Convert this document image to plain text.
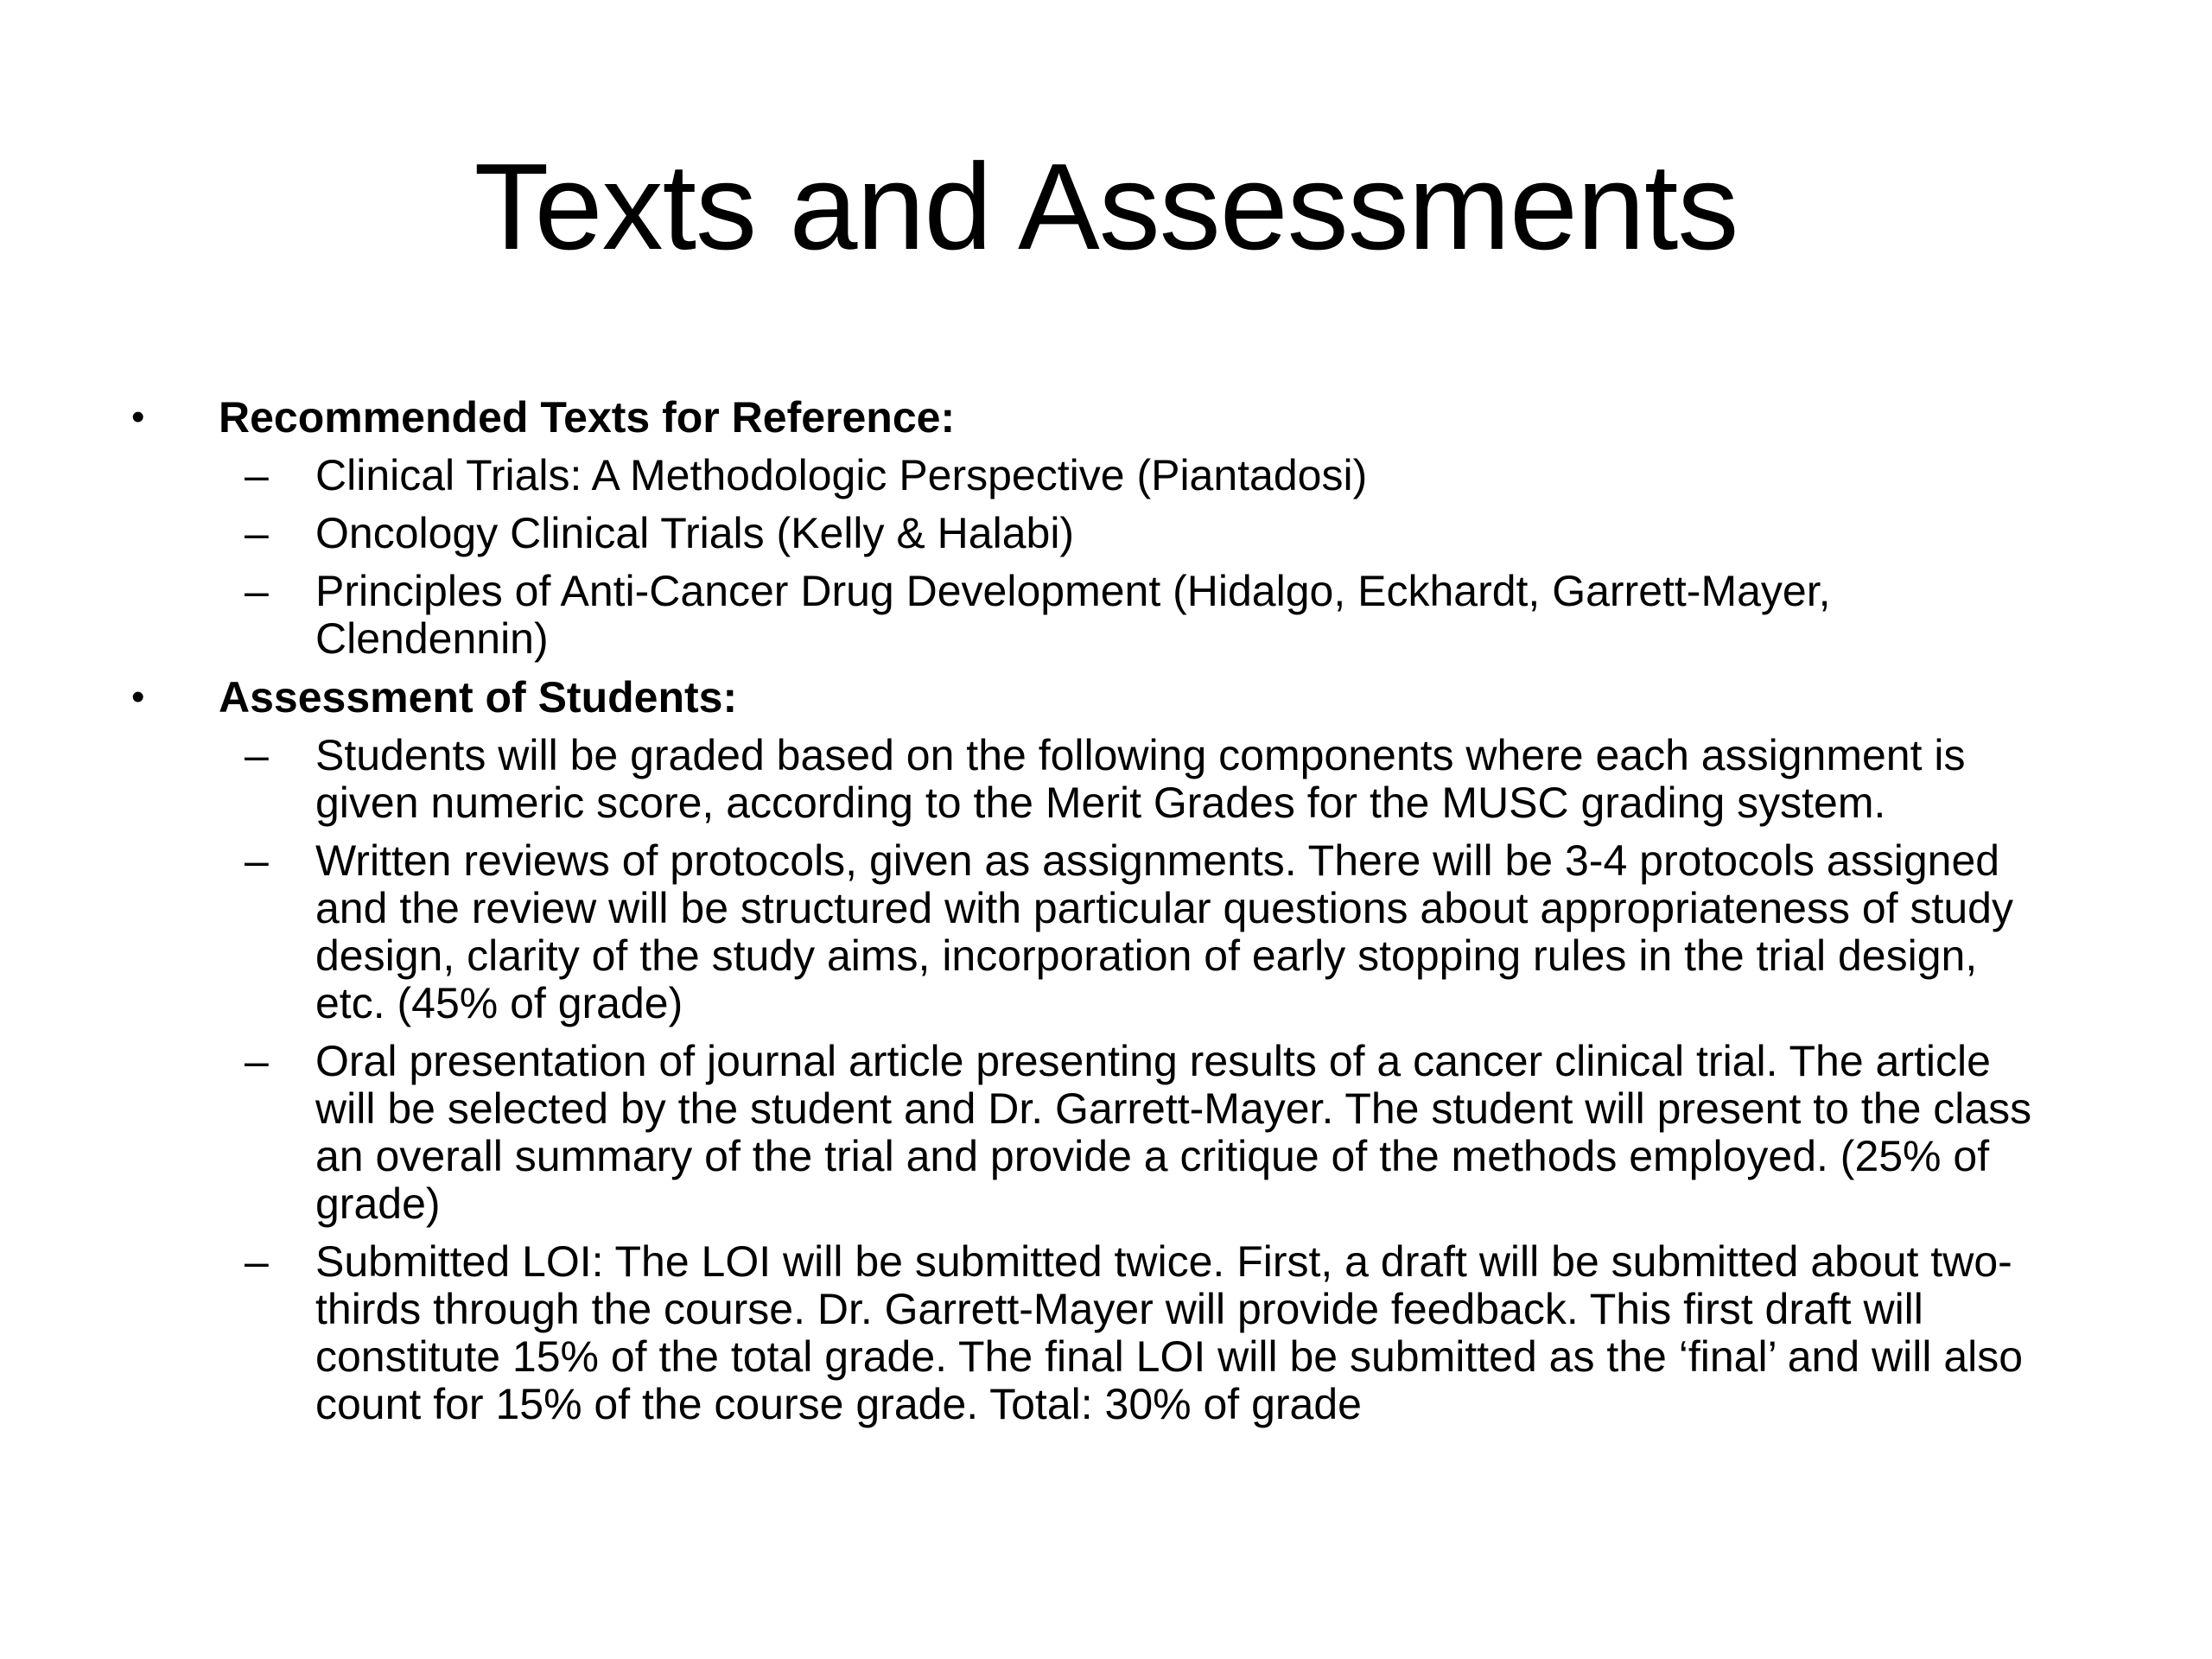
Texts and Assessments
• Recommended Texts for Reference:
– Clinical Trials: A Methodologic Perspective (Piantadosi)
– Oncology Clinical Trials (Kelly & Halabi)
– Principles of Anti-Cancer Drug Development (Hidalgo, Eckhardt, Garrett-Mayer, Clendennin)
• Assessment of Students:
– Students will be graded based on the following components where each assignment is given numeric score, according to the Merit Grades for the MUSC grading system.
– Written reviews of protocols, given as assignments. There will be 3-4 protocols assigned and the review will be structured with particular questions about appropriateness of study design, clarity of the study aims, incorporation of early stopping rules in the trial design, etc. (45% of grade)
– Oral presentation of journal article presenting results of a cancer clinical trial. The article will be selected by the student and Dr. Garrett-Mayer. The student will present to the class an overall summary of the trial and provide a critique of the methods employed. (25% of grade)
– Submitted LOI: The LOI will be submitted twice. First, a draft will be submitted about two-thirds through the course. Dr. Garrett-Mayer will provide feedback. This first draft will constitute 15% of the total grade. The final LOI will be submitted as the ‘final’ and will also count for 15% of the course grade. Total: 30% of grade
